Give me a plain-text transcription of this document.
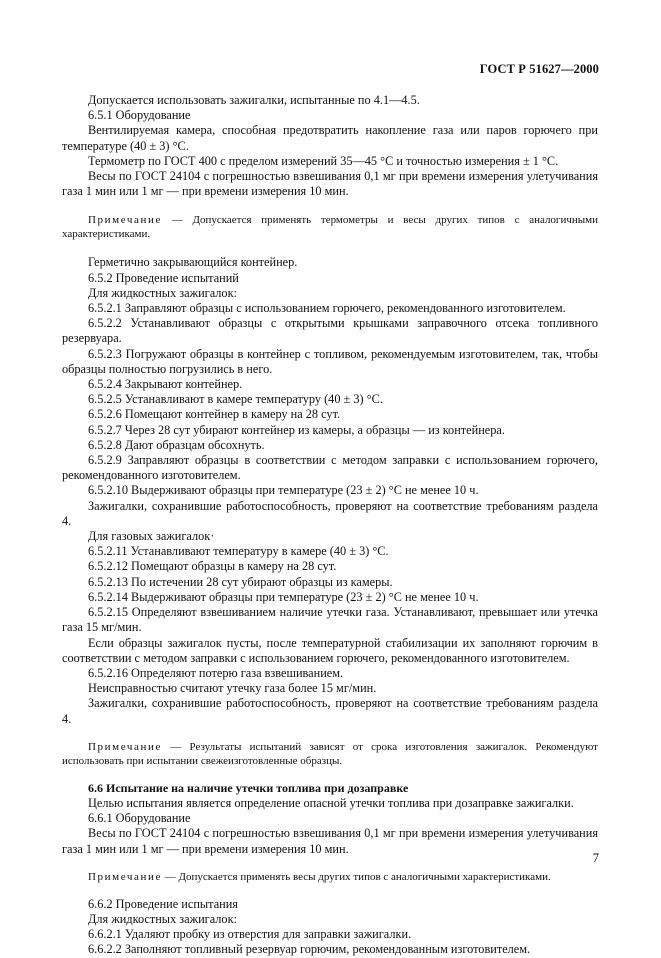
ГОСТ Р 51627—2000

Допускается использовать зажигалки, испытанные по 4.1—4.5.

6.5.1 Оборудование

Вентилируемая камера, способная предотвратить накопление газа или паров горючего при температуре (40 ± 3) °С.

Термометр по ГОСТ 400 с пределом измерений 35—45 °С и точностью измерения ± 1 °С.

Весы по ГОСТ 24104 с погрешностью взвешивания 0,1 мг при времени измерения улетучивания газа 1 мин или 1 мг — при времени измерения 10 мин.

Примечание — Допускается применять термометры и весы других типов с аналогичными характеристиками.

Герметично закрывающийся контейнер.

6.5.2 Проведение испытаний

Для жидкостных зажигалок:

6.5.2.1 Заправляют образцы с использованием горючего, рекомендованного изготовителем.

6.5.2.2 Устанавливают образцы с открытыми крышками заправочного отсека топливного резервуара.

6.5.2.3 Погружают образцы в контейнер с топливом, рекомендуемым изготовителем, так, чтобы образцы полностью погрузились в него.

6.5.2.4 Закрывают контейнер.

6.5.2.5 Устанавливают в камере температуру (40 ± 3) °С.

6.5.2.6 Помещают контейнер в камеру на 28 сут.

6.5.2.7 Через 28 сут убирают контейнер из камеры, а образцы — из контейнера.

6.5.2.8 Дают образцам обсохнуть.

6.5.2.9 Заправляют образцы в соответствии с методом заправки с использованием горючего, рекомендованного изготовителем.

6.5.2.10 Выдерживают образцы при температуре (23 ± 2) °С не менее 10 ч.

Зажигалки, сохранившие работоспособность, проверяют на соответствие требованиям раздела 4.

Для газовых зажигалок·

6.5.2.11 Устанавливают температуру в камере (40 ± 3) °С.

6.5.2.12 Помещают образцы в камеру на 28 сут.

6.5.2.13 По истечении 28 сут убирают образцы из камеры.

6.5.2.14 Выдерживают образцы при температуре (23 ± 2) °С не менее 10 ч.

6.5.2.15 Определяют взвешиванием наличие утечки газа. Устанавливают, превышает или утечка газа 15 мг/мин.

Если образцы зажигалок пусты, после температурной стабилизации их заполняют горючим в соответствии с методом заправки с использованием горючего, рекомендованного изготовителем.

6.5.2.16 Определяют потерю газа взвешиванием.

Неисправностью считают утечку газа более 15 мг/мин.

Зажигалки, сохранившие работоспособность, проверяют на соответствие требованиям раздела 4.

Примечание — Результаты испытаний зависят от срока изготовления зажигалок. Рекомендуют использовать при испытании свежеизготовленные образцы.

6.6 Испытание на наличие утечки топлива при дозаправке

Целью испытания является определение опасной утечки топлива при дозаправке зажигалки.

6.6.1 Оборудование

Весы по ГОСТ 24104 с погрешностью взвешивания 0,1 мг при времени измерения улетучивания газа 1 мин или 1 мг — при времени измерения 10 мин.

Примечание — Допускается применять весы других типов с аналогичными характеристиками.

6.6.2 Проведение испытания

Для жидкостных зажигалок:

6.6.2.1 Удаляют пробку из отверстия для заправки зажигалки.

6.6.2.2 Заполняют топливный резервуар горючим, рекомендованным изготовителем.

7
